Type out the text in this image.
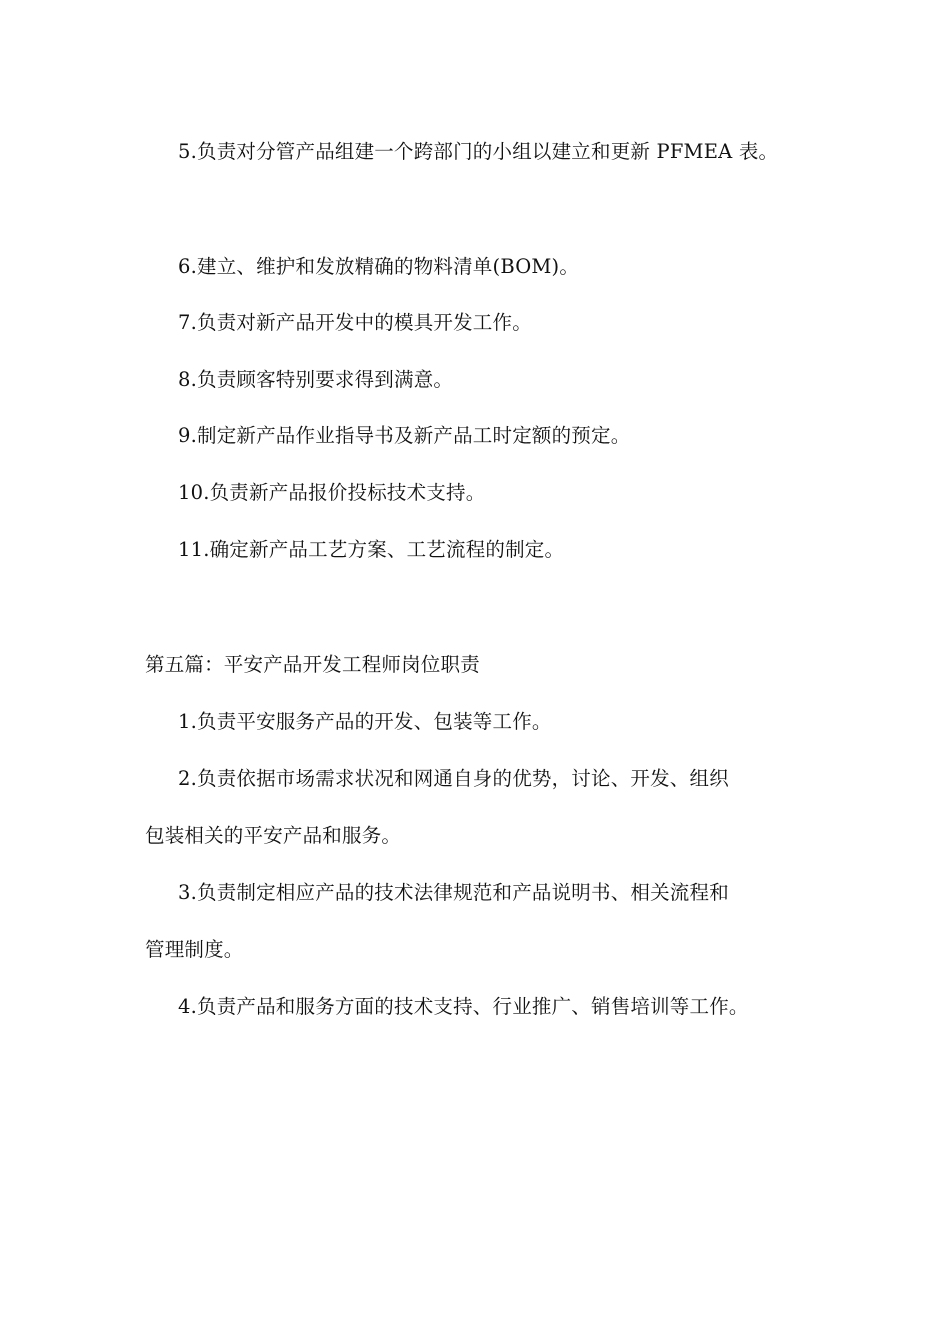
5.负责对分管产品组建一个跨部门的小组以建立和更新 PFMEA 表。
6.建立、维护和发放精确的物料清单(BOM)。
7.负责对新产品开发中的模具开发工作。
8.负责顾客特别要求得到满意。
9.制定新产品作业指导书及新产品工时定额的预定。
10.负责新产品报价投标技术支持。
11.确定新产品工艺方案、工艺流程的制定。
第五篇：平安产品开发工程师岗位职责
1.负责平安服务产品的开发、包装等工作。
2.负责依据市场需求状况和网通自身的优势，讨论、开发、组织
包装相关的平安产品和服务。
3.负责制定相应产品的技术法律规范和产品说明书、相关流程和
管理制度。
4.负责产品和服务方面的技术支持、行业推广、销售培训等工作。
